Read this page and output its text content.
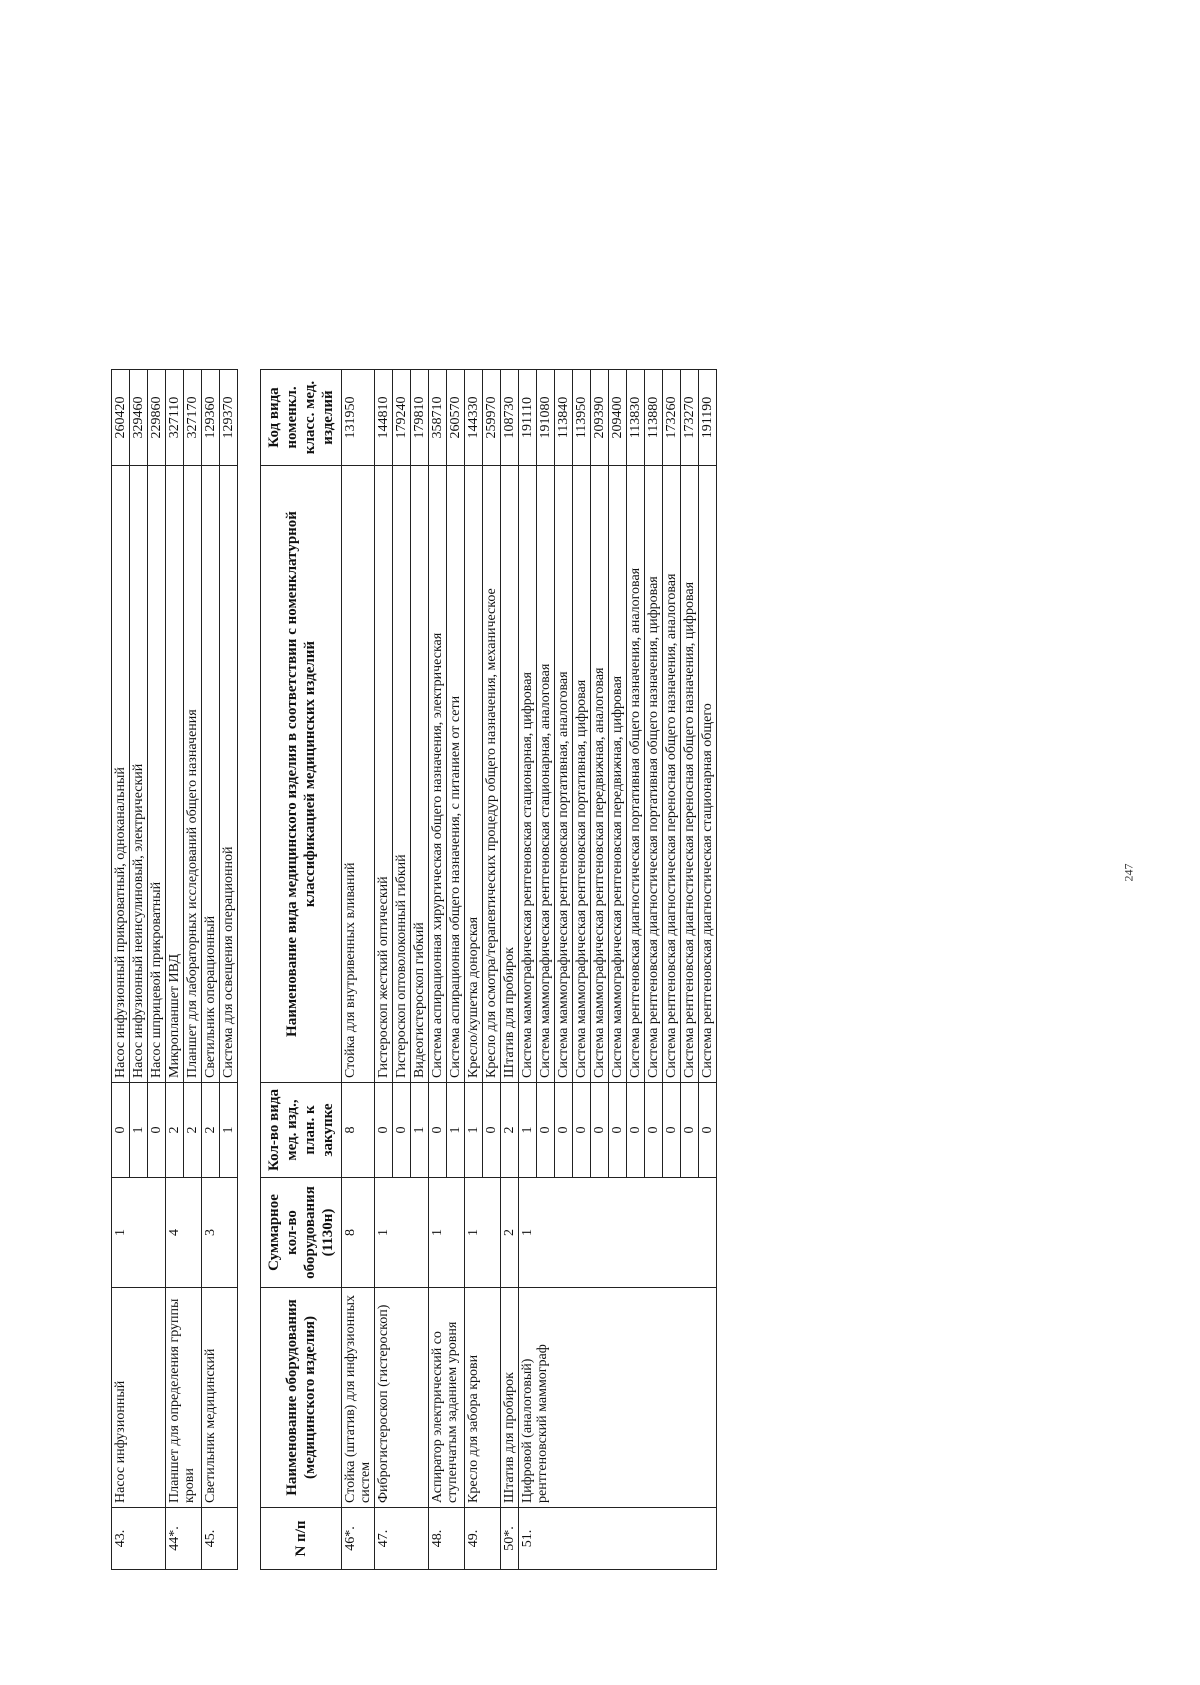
43.	Насос инфузионный	1	0	Насос инфузионный прикроватный, одноканальный	260420
			1	Насос инфузионный неинсулиновый, электрический	329460
			0	Насос шприцевой прикроватный	229860
44*.	Планшет для определения группы крови	4	2	Микропланшет ИВД	327110
			2	Планшет для лабораторных исследований общего назначения	327170
45.	Светильник медицинский	3	2	Светильник операционный	129360
			1	Система для освещения операционной	129370
N п/п	Наименование оборудования (медицинского изделия)	Суммарное кол-во оборудования (1130н)	Кол-во вида мед. изд., план. к закупке	Наименование вида медицинского изделия в соответствии с номенклатурной классификацией медицинских изделий	Код вида номенкл. класс. мед. изделий
46*.	Стойка (штатив) для инфузионных систем	8	8	Стойка для внутривенных вливаний	131950
47.	Фиброгистероскоп (гистероскоп)	1	0	Гистероскоп жесткий оптический	144810
			0	Гистероскоп оптоволоконный гибкий	179240
			1	Видеогистероскоп гибкий	179810
48.	Аспиратор электрический со ступенчатым заданием уровня	1	0	Система аспирационная хирургическая общего назначения, электрическая	358710
			1	Система аспирационная общего назначения, с питанием от сети	260570
49.	Кресло для забора крови	1	1	Кресло/кушетка донорская	144330
			0	Кресло для осмотра/терапевтических процедур общего назначения, механическое	259970
50*.	Штатив для пробирок	2	2	Штатив для пробирок	108730
51.	Цифровой (аналоговый) рентгеновский маммограф	1	1	Система маммографическая рентгеновская стационарная, цифровая	191110
			0	Система маммографическая рентгеновская стационарная, аналоговая	191080
			0	Система маммографическая рентгеновская портативная, аналоговая	113840
			0	Система маммографическая рентгеновская портативная, цифровая	113950
			0	Система маммографическая рентгеновская передвижная, аналоговая	209390
			0	Система маммографическая рентгеновская передвижная, цифровая	209400
			0	Система рентгеновская диагностическая портативная общего назначения, аналоговая	113830
			0	Система рентгеновская диагностическая портативная общего назначения, цифровая	113880
			0	Система рентгеновская диагностическая переносная общего назначения, аналоговая	173260
			0	Система рентгеновская диагностическая переносная общего назначения, цифровая	173270
			0	Система рентгеновская диагностическая стационарная общего	191190
247
